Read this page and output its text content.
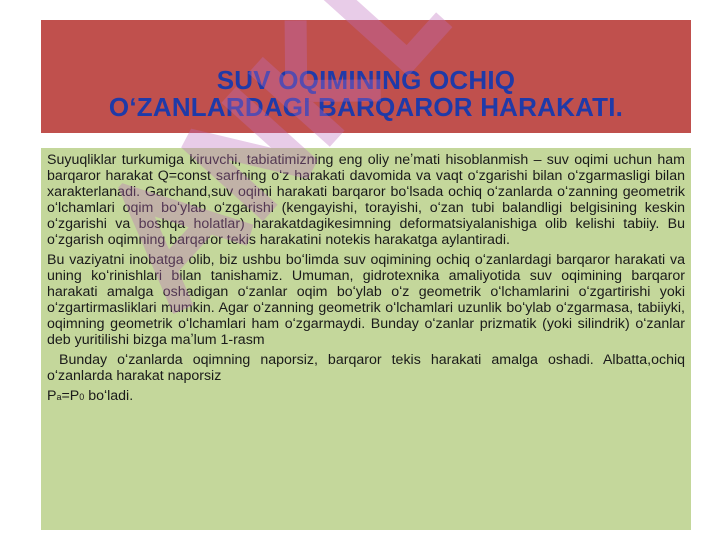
SUV OQIMINING OCHIQ
OʻZANLARDAGI BARQAROR HARAKATI.

Suyuqliklar turkumiga kiruvchi, tabiatimizning eng oliy neʼmati hisoblanmish – suv oqimi uchun ham barqaror harakat Q=const sarfning oʻz harakati davomida va vaqt oʻzgarishi bilan oʻzgarmasligi bilan xarakterlanadi. Garchand,suv oqimi harakati barqaror boʻlsada ochiq oʻzanlarda oʻzanning geometrik oʻlchamlari oqim boʻylab oʻzgarishi (kengayishi, torayishi, oʻzan tubi balandligi belgisining keskin oʻzgarishi va boshqa holatlar) harakatdagikesimning deformatsiyalanishiga olib kelishi tabiiy. Bu oʻzgarish oqimning barqaror tekis harakatini notekis harakatga aylantiradi.

Bu vaziyatni inobatga olib, biz ushbu boʻlimda suv oqimining ochiq oʻzanlardagi barqaror harakati va uning koʻrinishlari bilan tanishamiz. Umuman, gidrotexnika amaliyotida suv oqimining barqaror harakati amalga oshadigan oʻzanlar oqim boʻylab oʻz geometrik oʻlchamlarini oʻzgartirishi yoki oʻzgartirmasliklari mumkin. Agar oʻzanning geometrik oʻlchamlari uzunlik boʻylab oʻzgarmasa, tabiiyki, oqimning geometrik oʻlchamlari ham oʻzgarmaydi. Bunday oʻzanlar prizmatik (yoki silindrik) oʻzanlar deb yuritilishi bizga maʼlum 1-rasm

Bunday oʻzanlarda oqimning naporsiz, barqaror tekis harakati amalga oshadi. Albatta,ochiq oʻzanlarda harakat naporsiz

Pa=P0 boʻladi.
